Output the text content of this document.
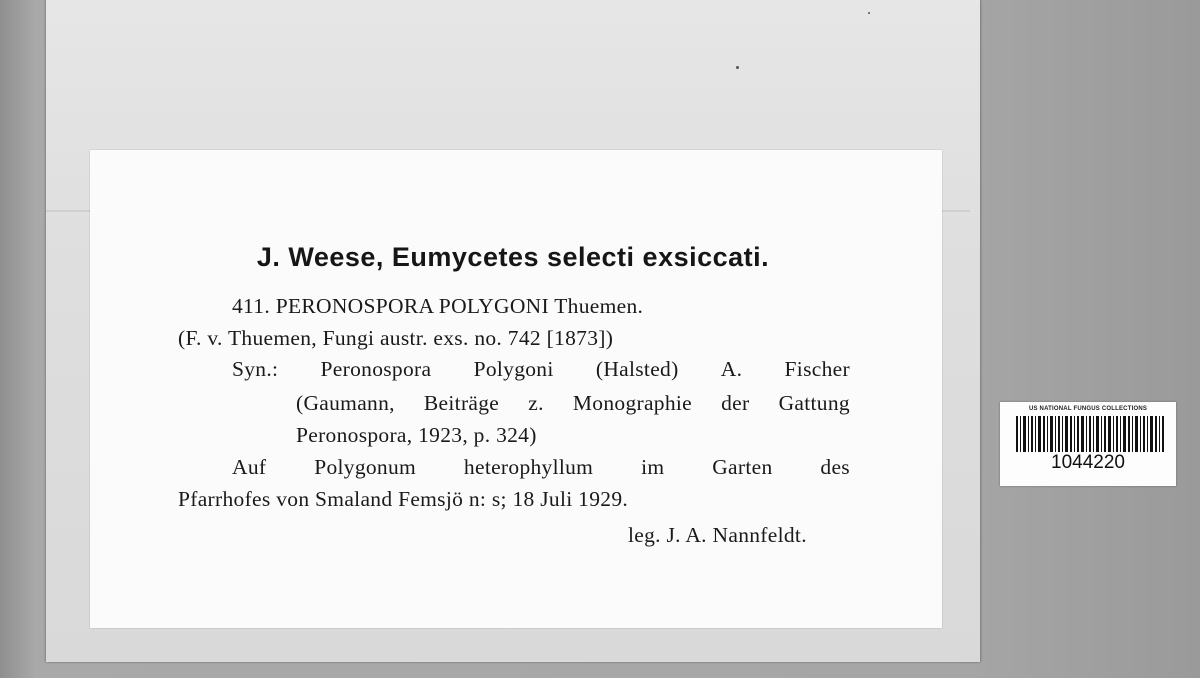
J. Weese, Eumycetes selecti exsiccati.
411. PERONOSPORA POLYGONI Thuemen.
(F. v. Thuemen, Fungi austr. exs. no. 742 [1873])
Syn.: Peronospora Polygoni (Halsted) A. Fischer
(Gaumann, Beiträge z. Monographie der Gattung
Peronospora, 1923, p. 324)
Auf Polygonum heterophyllum im Garten des
Pfarrhofes von Smaland Femsjö n: s; 18 Juli 1929.
leg. J. A. Nannfeldt.
US NATIONAL FUNGUS COLLECTIONS
1044220
